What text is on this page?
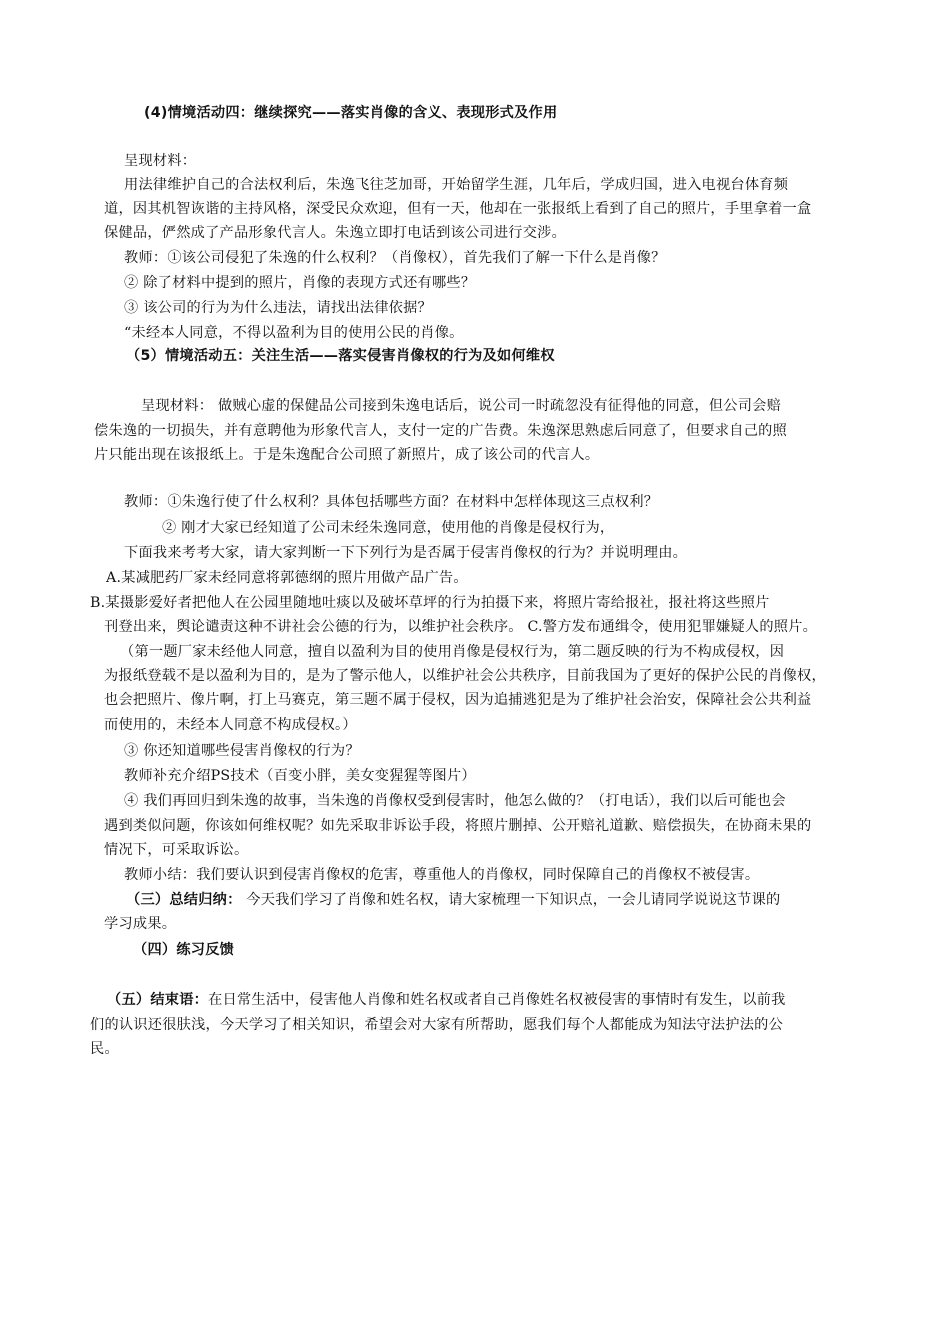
(4)情境活动四：继续探究——落实肖像的含义、表现形式及作用
呈现材料：
用法律维护自己的合法权利后，朱逸飞往芝加哥，开始留学生涯，几年后，学成归国，进入电视台体育频
道，因其机智诙谐的主持风格，深受民众欢迎，但有一天，他却在一张报纸上看到了自己的照片，手里拿着一盒
保健品，俨然成了产品形象代言人。朱逸立即打电话到该公司进行交涉。
教师：①该公司侵犯了朱逸的什么权利？（肖像权），首先我们了解一下什么是肖像？
② 除了材料中提到的照片，肖像的表现方式还有哪些？
③ 该公司的行为为什么违法，请找出法律依据？
“未经本人同意，不得以盈利为目的使用公民的肖像。
（5）情境活动五：关注生活——落实侵害肖像权的行为及如何维权
呈现材料： 做贼心虚的保健品公司接到朱逸电话后，说公司一时疏忽没有征得他的同意，但公司会赔
偿朱逸的一切损失，并有意聘他为形象代言人，支付一定的广告费。朱逸深思熟虑后同意了，但要求自己的照
片只能出现在该报纸上。于是朱逸配合公司照了新照片，成了该公司的代言人。
教师：①朱逸行使了什么权利？具体包括哪些方面？在材料中怎样体现这三点权利？
② 刚才大家已经知道了公司未经朱逸同意，使用他的肖像是侵权行为，
下面我来考考大家，请大家判断一下下列行为是否属于侵害肖像权的行为？并说明理由。
A.某减肥药厂家未经同意将郭德纲的照片用做产品广告。
B.某摄影爱好者把他人在公园里随地吐痰以及破坏草坪的行为拍摄下来，将照片寄给报社，报社将这些照片
刊登出来，舆论谴责这种不讲社会公德的行为，以维护社会秩序。 C.警方发布通缉令，使用犯罪嫌疑人的照片。
（第一题厂家未经他人同意，擅自以盈利为目的使用肖像是侵权行为，第二题反映的行为不构成侵权，因
为报纸登载不是以盈利为目的，是为了警示他人，以维护社会公共秩序，目前我国为了更好的保护公民的肖像权，
也会把照片、像片啊，打上马赛克，第三题不属于侵权，因为追捕逃犯是为了维护社会治安，保障社会公共利益
而使用的，未经本人同意不构成侵权。）
③ 你还知道哪些侵害肖像权的行为？
教师补充介绍PS技术（百变小胖，美女变猩猩等图片）
④ 我们再回归到朱逸的故事，当朱逸的肖像权受到侵害时，他怎么做的？（打电话），我们以后可能也会
遇到类似问题，你该如何维权呢？如先采取非诉讼手段，将照片删掉、公开赔礼道歉、赔偿损失，在协商未果的
情况下，可采取诉讼。
教师小结：我们要认识到侵害肖像权的危害，尊重他人的肖像权，同时保障自己的肖像权不被侵害。
（三）总结归纳： 今天我们学习了肖像和姓名权，请大家梳理一下知识点，一会儿请同学说说这节课的
学习成果。
（四）练习反馈
（五）结束语：在日常生活中，侵害他人肖像和姓名权或者自己肖像姓名权被侵害的事情时有发生，以前我
们的认识还很肤浅，今天学习了相关知识，希望会对大家有所帮助，愿我们每个人都能成为知法守法护法的公
民。
